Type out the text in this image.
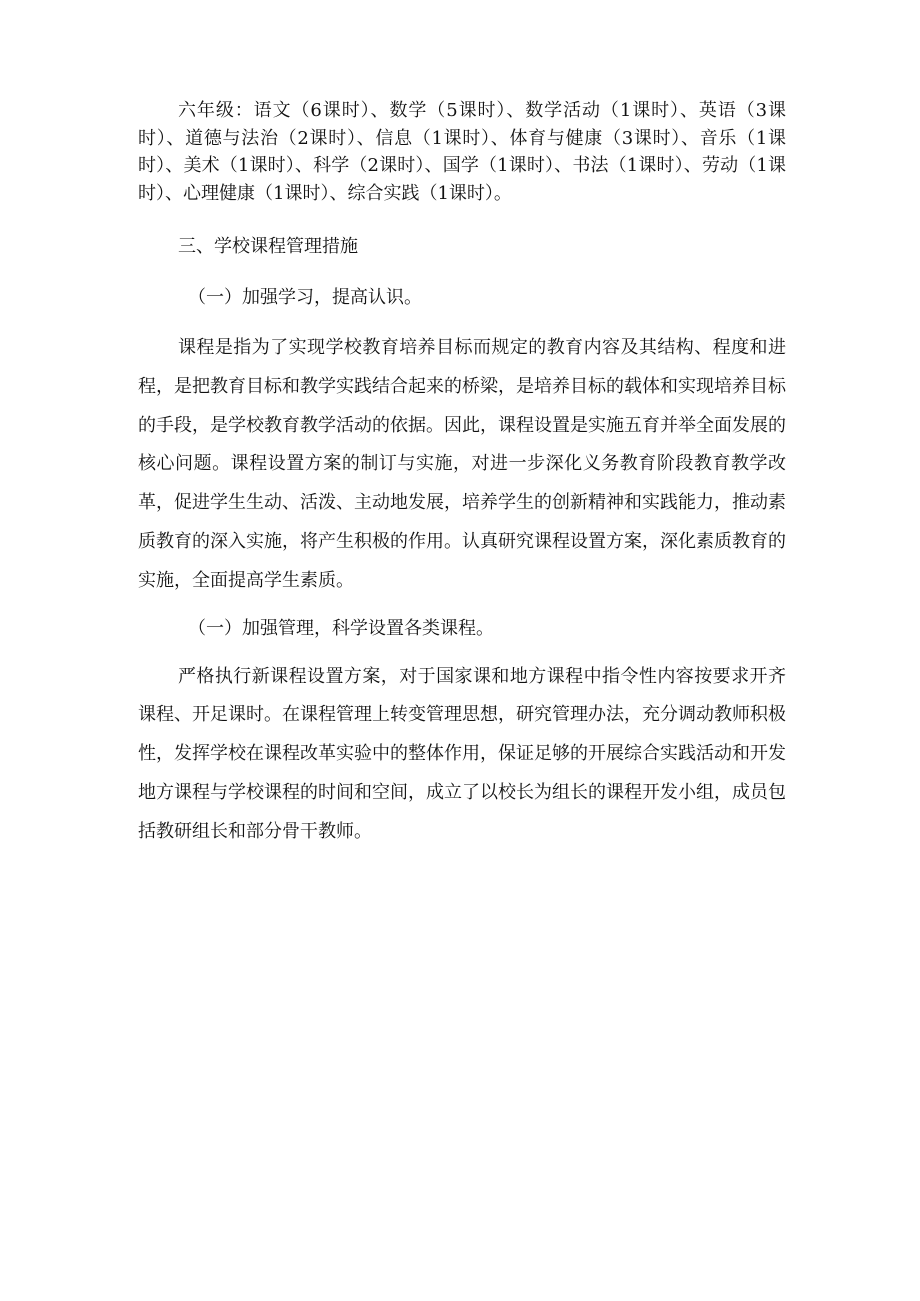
六年级：语文（6课时）、数学（5课时）、数学活动（1课时）、英语（3课时）、道德与法治（2课时）、信息（1课时）、体育与健康（3课时）、音乐（1课时）、美术（1课时）、科学（2课时）、国学（1课时）、书法（1课时）、劳动（1课时）、心理健康（1课时）、综合实践（1课时）。

三、学校课程管理措施

（一）加强学习，提高认识。

课程是指为了实现学校教育培养目标而规定的教育内容及其结构、程度和进程，是把教育目标和教学实践结合起来的桥梁，是培养目标的载体和实现培养目标的手段，是学校教育教学活动的依据。因此，课程设置是实施五育并举全面发展的核心问题。课程设置方案的制订与实施，对进一步深化义务教育阶段教育教学改革，促进学生生动、活泼、主动地发展，培养学生的创新精神和实践能力，推动素质教育的深入实施，将产生积极的作用。认真研究课程设置方案，深化素质教育的实施，全面提高学生素质。

（一）加强管理，科学设置各类课程。

严格执行新课程设置方案，对于国家课和地方课程中指令性内容按要求开齐课程、开足课时。在课程管理上转变管理思想，研究管理办法，充分调动教师积极性，发挥学校在课程改革实验中的整体作用，保证足够的开展综合实践活动和开发地方课程与学校课程的时间和空间，成立了以校长为组长的课程开发小组，成员包括教研组长和部分骨干教师。
